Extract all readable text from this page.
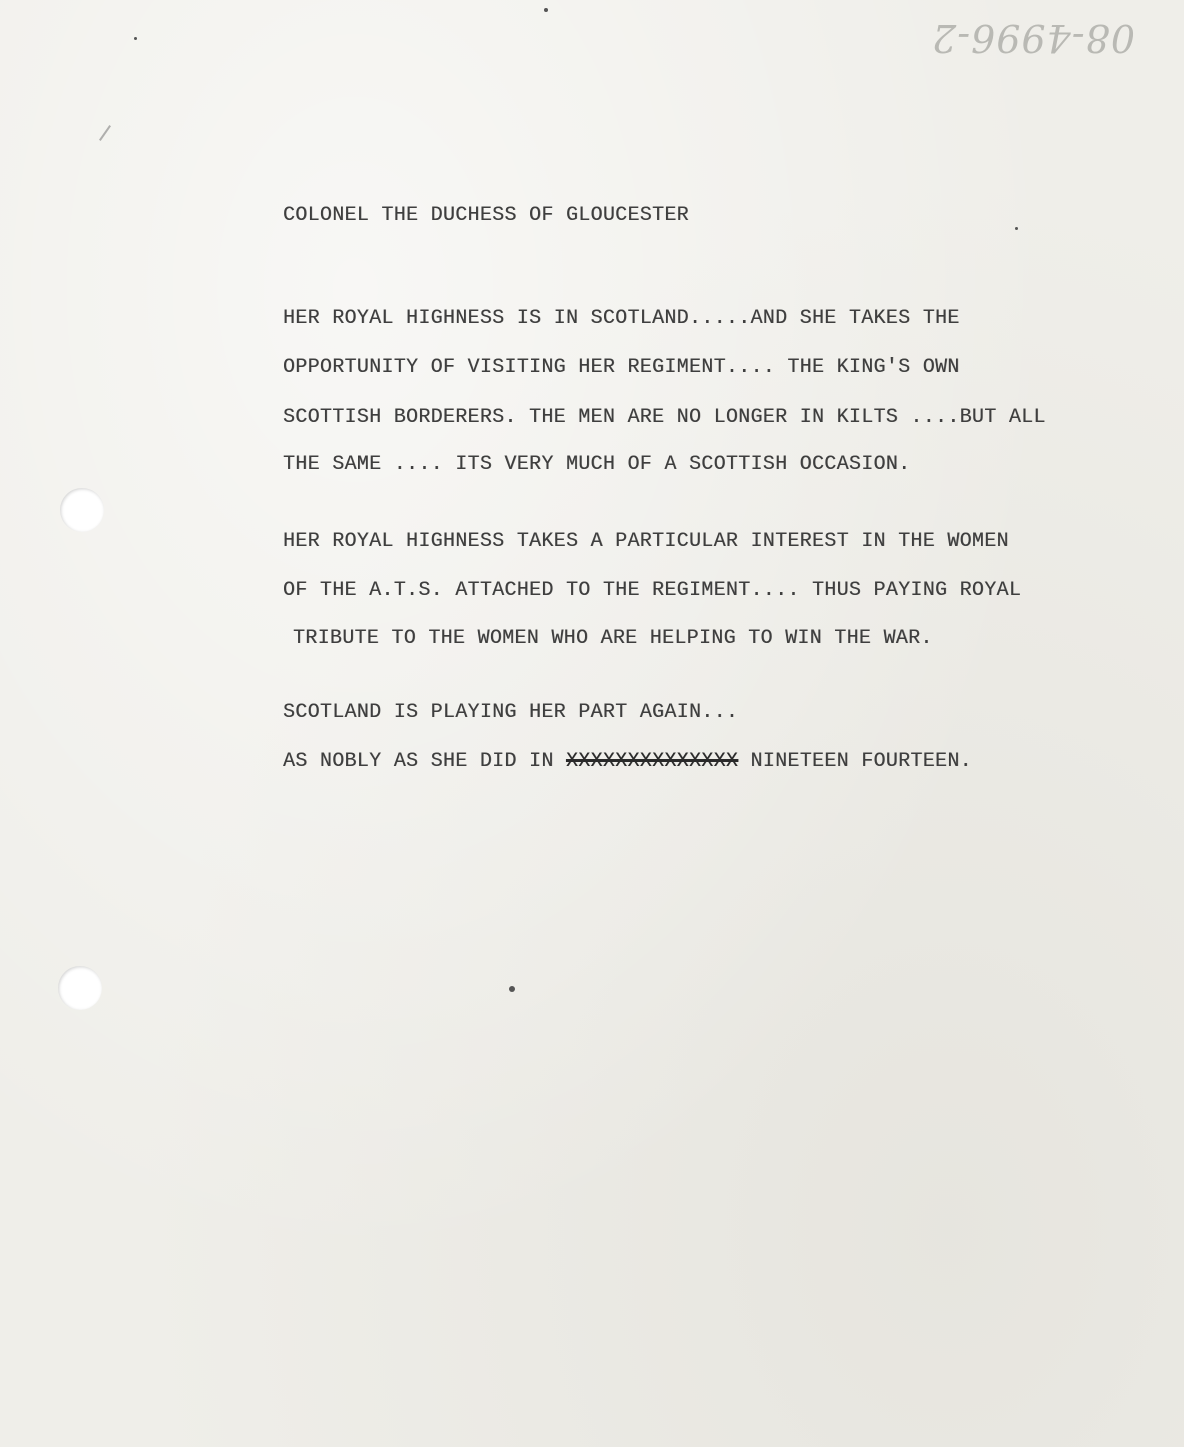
08-4996-2
COLONEL THE DUCHESS OF GLOUCESTER
HER ROYAL HIGHNESS IS IN SCOTLAND.....AND SHE TAKES THE
OPPORTUNITY OF VISITING HER REGIMENT.... THE KING'S OWN
SCOTTISH BORDERERS. THE MEN ARE NO LONGER IN KILTS ....BUT ALL
THE SAME .... ITS VERY MUCH OF A SCOTTISH OCCASION.
HER ROYAL HIGHNESS TAKES A PARTICULAR INTEREST IN THE WOMEN
OF THE A.T.S. ATTACHED TO THE REGIMENT.... THUS PAYING ROYAL
TRIBUTE TO THE WOMEN WHO ARE HELPING TO WIN THE WAR.
SCOTLAND IS PLAYING HER PART AGAIN...
AS NOBLY AS SHE DID IN XXXXXXXXXXXXXX NINETEEN FOURTEEN.
